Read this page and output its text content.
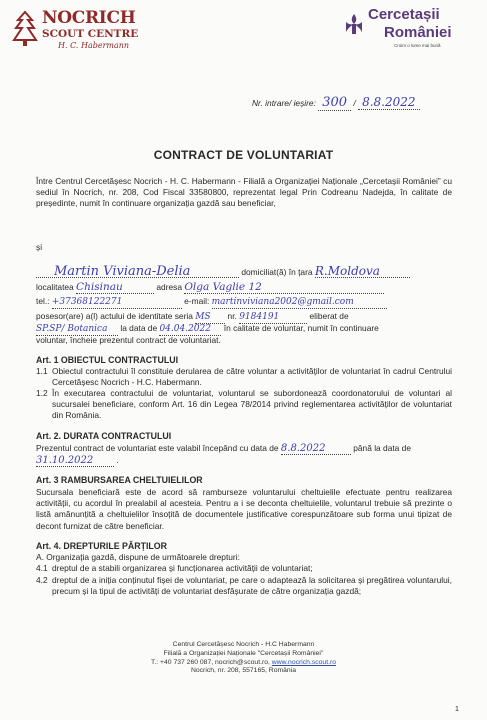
NOCRICH
SCOUT CENTRE
H. C. Habermann
Cercetașii
României
Croim o lume mai bună
Nr. intrare/ ieșire: 300 / 8.8.2022
CONTRACT DE VOLUNTARIAT
Între Centrul Cercetășesc Nocrich - H. C. Habermann - Filială a Organizației Naționale „Cercetașii României” cu sediul în Nocrich, nr. 208, Cod Fiscal 33580800, reprezentat legal Prin Codreanu Nadejda, în calitate de președinte, numit în continuare organizația gazdă sau beneficiar,
și
Martin Viviana-Delia	domiciliat(ă) în țara R.Moldova
localitatea Chisinau	adresa Olga Vaglie 12
tel.: +37368122271	e-mail: martinviviana2002@gmail.com
posesor(are) a(l) actului de identitate seria MS nr. 9184191	eliberat de
SP.SP/ Botanica la data de 04.04.2022 în calitate de voluntar, numit în continuare
voluntar, încheie prezentul contract de voluntariat.
Art. 1 OBIECTUL CONTRACTULUI
1.1 Obiectul contractului îl constituie derularea de către voluntar a activităților de voluntariat în cadrul Centrului Cercetășesc Nocrich - H.C. Habermann.
1.2 În executarea contractului de voluntariat, voluntarul se subordonează coordonatorului de voluntari al sucursalei beneficiare, conform Art. 16 din Legea 78/2014 privind reglementarea activităților de voluntariat din România.
Art. 2. DURATA CONTRACTULUI
Prezentul contract de voluntariat este valabil începând cu data de 8.8.2022	până la data de
31.10.2022	.
Art. 3 RAMBURSAREA CHELTUIELILOR
Sucursala beneficiară este de acord să ramburseze voluntarului cheltuielile efectuate pentru realizarea activității, cu acordul în prealabil al acesteia. Pentru a i se deconta cheltuielile, voluntarul trebuie să prezinte o listă amănunțită a cheltuielilor însoțită de documentele justificative corespunzătoare sub forma unui tipizat de decont furnizat de către beneficiar.
Art. 4. DREPTURILE PĂRȚILOR
A. Organizația gazdă, dispune de următoarele drepturi:
4.1 dreptul de a stabili organizarea și funcționarea activității de voluntariat;
4.2 dreptul de a iniția conținutul fișei de voluntariat, pe care o adaptează la solicitarea și pregătirea voluntarului, precum și la tipul de activități de voluntariat desfășurate de către organizația gazdă;
Centrul Cercetășesc Nocrich - H.C Habermann
Filială a Organizației Naționale "Cercetașii României"
T.: +40 737 260 087, nocrich@scout.ro, www.nocrich.scout.ro
Nocrich, nr. 208, 557165, România
1
